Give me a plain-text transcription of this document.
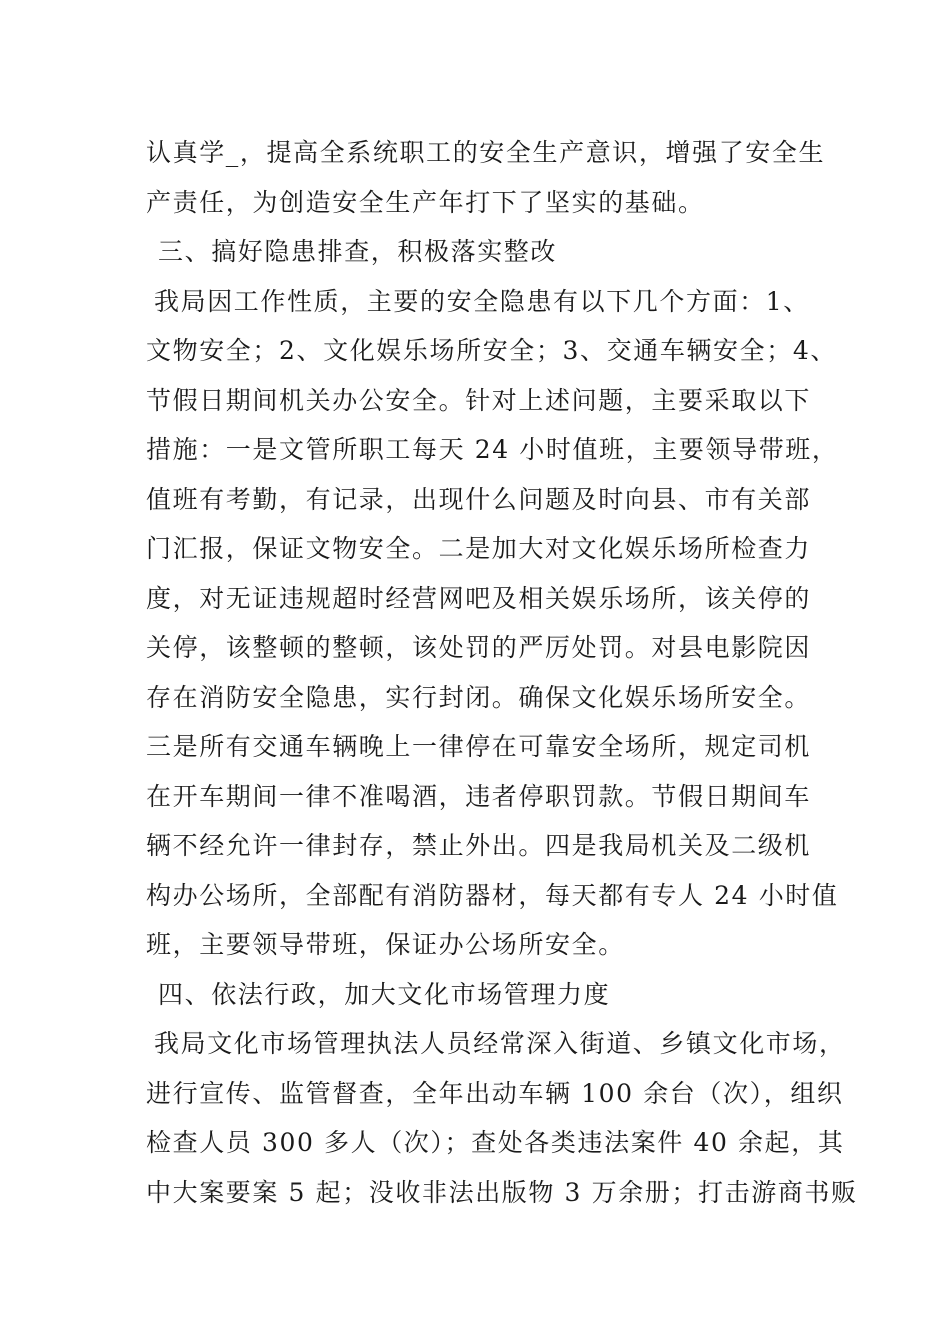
认真学_，提高全系统职工的安全生产意识，增强了安全生
产责任，为创造安全生产年打下了坚实的基础。
三、搞好隐患排查，积极落实整改
我局因工作性质，主要的安全隐患有以下几个方面：1、
文物安全；2、文化娱乐场所安全；3、交通车辆安全；4、
节假日期间机关办公安全。针对上述问题，主要采取以下
措施：一是文管所职工每天 24 小时值班，主要领导带班，
值班有考勤，有记录，出现什么问题及时向县、市有关部
门汇报，保证文物安全。二是加大对文化娱乐场所检查力
度，对无证违规超时经营网吧及相关娱乐场所，该关停的
关停，该整顿的整顿，该处罚的严厉处罚。对县电影院因
存在消防安全隐患，实行封闭。确保文化娱乐场所安全。
三是所有交通车辆晚上一律停在可靠安全场所，规定司机
在开车期间一律不准喝酒，违者停职罚款。节假日期间车
辆不经允许一律封存，禁止外出。四是我局机关及二级机
构办公场所，全部配有消防器材，每天都有专人 24 小时值
班，主要领导带班，保证办公场所安全。
四、依法行政，加大文化市场管理力度
我局文化市场管理执法人员经常深入街道、乡镇文化市场，
进行宣传、监管督查，全年出动车辆 100 余台（次），组织
检查人员 300 多人（次）；查处各类违法案件 40 余起，其
中大案要案 5 起；没收非法出版物 3 万余册；打击游商书贩
